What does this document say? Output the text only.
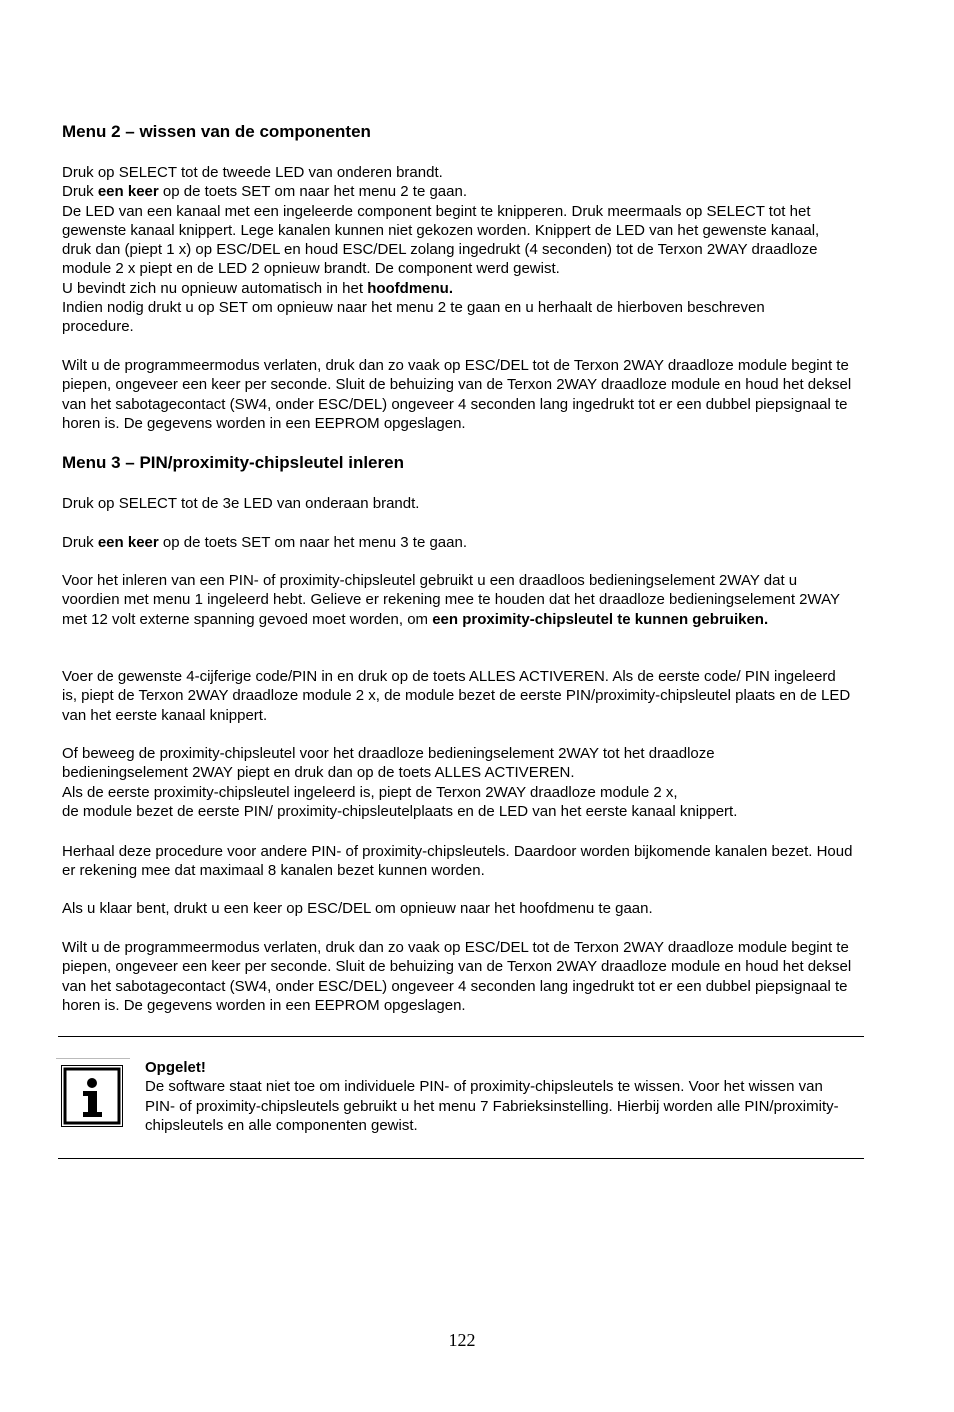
Menu 2 – wissen van de componenten

Druk op SELECT tot de tweede LED van onderen brandt.
Druk een keer op de toets SET om naar het menu 2 te gaan.
De LED van een kanaal met een ingeleerde component begint te knipperen. Druk meermaals op SELECT tot het gewenste kanaal knippert. Lege kanalen kunnen niet gekozen worden. Knippert de LED van het gewenste kanaal, druk dan (piept 1 x) op ESC/DEL en houd ESC/DEL zolang ingedrukt (4 seconden) tot de Terxon 2WAY draadloze module 2 x piept en de LED 2 opnieuw brandt. De component werd gewist.
U bevindt zich nu opnieuw automatisch in het hoofdmenu.
Indien nodig drukt u op SET om opnieuw naar het menu 2 te gaan en u herhaalt de hierboven beschreven procedure.

Wilt u de programmeermodus verlaten, druk dan zo vaak op ESC/DEL tot de Terxon 2WAY draadloze module begint te piepen, ongeveer een keer per seconde. Sluit de behuizing van de Terxon 2WAY draadloze module en houd het deksel van het sabotagecontact (SW4, onder ESC/DEL) ongeveer 4 seconden lang ingedrukt tot er een dubbel piepsignaal te horen is. De gegevens worden in een EEPROM opgeslagen.

Menu 3 – PIN/proximity-chipsleutel inleren

Druk op SELECT tot de 3e LED van onderaan brandt.

Druk een keer op de toets SET om naar het menu 3 te gaan.

Voor het inleren van een PIN- of proximity-chipsleutel gebruikt u een draadloos bedieningselement 2WAY dat u voordien met menu 1 ingeleerd hebt. Gelieve er rekening mee te houden dat het draadloze bedieningselement 2WAY met 12 volt externe spanning gevoed moet worden, om een proximity-chipsleutel te kunnen gebruiken.

Voer de gewenste 4-cijferige code/PIN in en druk op de toets ALLES ACTIVEREN. Als de eerste code/ PIN ingeleerd is, piept de Terxon 2WAY draadloze module 2 x, de module bezet de eerste PIN/proximity-chipsleutel plaats en de LED van het eerste kanaal knippert.

Of beweeg de proximity-chipsleutel voor het draadloze bedieningselement 2WAY tot het draadloze bedieningselement 2WAY piept en druk dan op de toets ALLES ACTIVEREN.
Als de eerste proximity-chipsleutel ingeleerd is, piept de Terxon 2WAY draadloze module 2 x,
de module bezet de eerste PIN/ proximity-chipsleutelplaats en de LED van het eerste kanaal knippert.

Herhaal deze procedure voor andere PIN- of proximity-chipsleutels. Daardoor worden bijkomende kanalen bezet. Houd er rekening mee dat maximaal 8 kanalen bezet kunnen worden.

Als u klaar bent, drukt u een keer op ESC/DEL om opnieuw naar het hoofdmenu te gaan.

Wilt u de programmeermodus verlaten, druk dan zo vaak op ESC/DEL tot de Terxon 2WAY draadloze module begint te piepen, ongeveer een keer per seconde. Sluit de behuizing van de Terxon 2WAY draadloze module en houd het deksel van het sabotagecontact (SW4, onder ESC/DEL) ongeveer 4 seconden lang ingedrukt tot er een dubbel piepsignaal te horen is. De gegevens worden in een EEPROM opgeslagen.

Opgelet!
De software staat niet toe om individuele PIN- of proximity-chipsleutels te wissen. Voor het wissen van PIN- of proximity-chipsleutels gebruikt u het menu 7 Fabrieksinstelling. Hierbij worden alle PIN/proximity-chipsleutels en alle componenten gewist.
122
